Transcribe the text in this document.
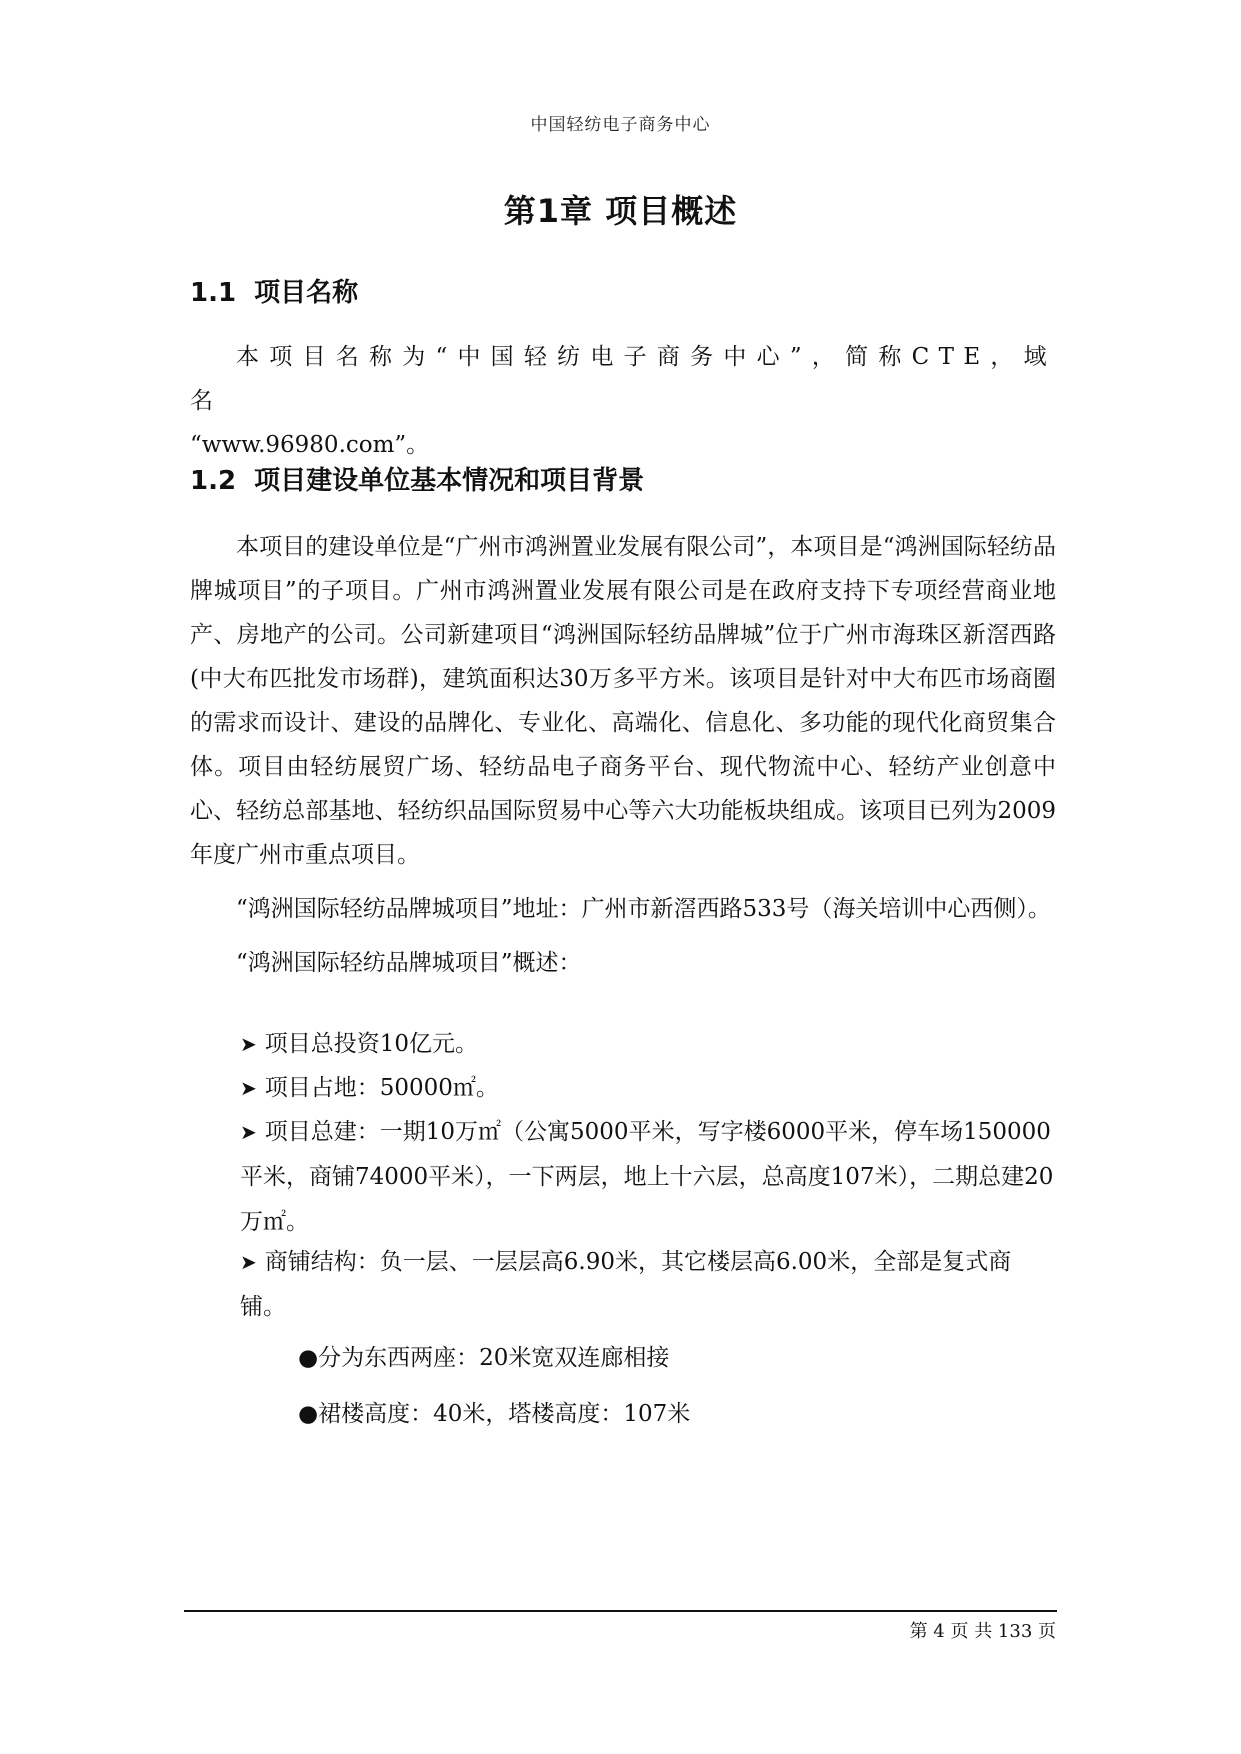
中国轻纺电子商务中心
第1章 项目概述
1.1 项目名称

本项目名称为“中国轻纺电子商务中心”，简称CTE，域名

“www.96980.com”。

1.2 项目建设单位基本情况和项目背景

本项目的建设单位是“广州市鸿洲置业发展有限公司”，本项目是“鸿洲国际轻纺品牌城项目”的子项目。广州市鸿洲置业发展有限公司是在政府支持下专项经营商业地产、房地产的公司。公司新建项目“鸿洲国际轻纺品牌城”位于广州市海珠区新滘西路(中大布匹批发市场群)，建筑面积达30万多平方米。该项目是针对中大布匹市场商圈的需求而设计、建设的品牌化、专业化、高端化、信息化、多功能的现代化商贸集合体。项目由轻纺展贸广场、轻纺品电子商务平台、现代物流中心、轻纺产业创意中心、轻纺总部基地、轻纺织品国际贸易中心等六大功能板块组成。该项目已列为2009年度广州市重点项目。

“鸿洲国际轻纺品牌城项目”地址：广州市新滘西路533号（海关培训中心西侧）。

“鸿洲国际轻纺品牌城项目”概述：

➤ 项目总投资10亿元。
➤ 项目占地：50000㎡。
➤ 项目总建：一期10万㎡（公寓5000平米，写字楼6000平米，停车场150000平米，商铺74000平米），一下两层，地上十六层，总高度107米），二期总建20万㎡。
➤ 商铺结构：负一层、一层层高6.90米，其它楼层高6.00米，全部是复式商铺。
●分为东西两座：20米宽双连廊相接
●裙楼高度：40米，塔楼高度：107米
第 4 页 共 133 页
